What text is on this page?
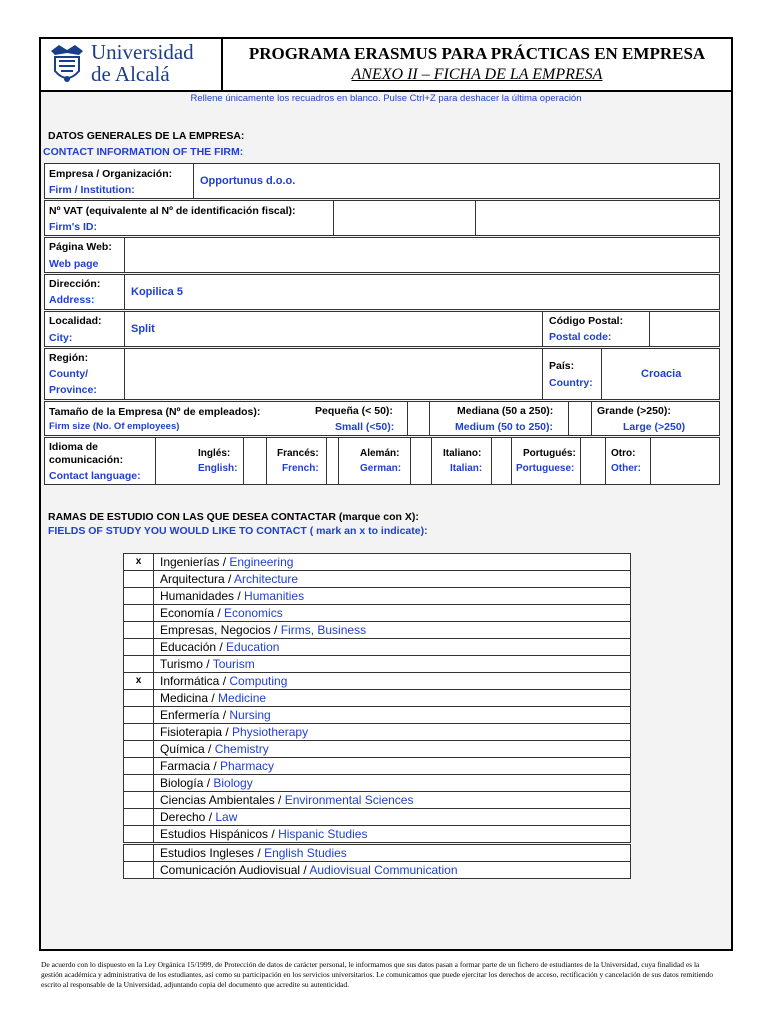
Universidad
de Alcalá
PROGRAMA ERASMUS PARA PRÁCTICAS EN EMPRESA
ANEXO II – FICHA DE LA EMPRESA
Rellene únicamente los recuadros en blanco. Pulse Ctrl+Z para deshacer la última operación
DATOS GENERALES DE LA EMPRESA:
CONTACT INFORMATION OF THE FIRM:
Empresa / Organización:
Firm / Institution:
Opportunus d.o.o.
Nº VAT (equivalente al Nº de identificación fiscal):
Firm's ID:
Página Web:
Web page
Dirección:
Address:
Kopilica 5
Localidad:
City:
Split
Código Postal:
Postal code:
Región:
County/
Province:
País:
Country:
Croacia
Tamaño de la Empresa (Nº de empleados):
Firm size (No. Of employees)
Pequeña (< 50):
Small (<50):
Mediana (50 a 250):
Medium (50 to 250):
Grande (>250):
Large (>250)
Idioma de
comunicación:
Contact language:
Inglés:
English:
Francés:
French:
Alemán:
German:
Italiano:
Italian:
Portugués:
Portuguese:
Otro:
Other:
RAMAS DE ESTUDIO CON LAS QUE DESEA CONTACTAR (marque con X):
FIELDS OF STUDY YOU WOULD LIKE TO CONTACT ( mark an x to indicate):
x	Ingenierías / Engineering
Arquitectura / Architecture
Humanidades / Humanities
Economía / Economics
Empresas, Negocios / Firms, Business
Educación / Education
Turismo / Tourism
x	Informática / Computing
Medicina / Medicine
Enfermería / Nursing
Fisioterapia / Physiotherapy
Química / Chemistry
Farmacia / Pharmacy
Biología / Biology
Ciencias Ambientales / Environmental Sciences
Derecho / Law
Estudios Hispánicos / Hispanic Studies
Estudios Ingleses / English Studies
Comunicación Audiovisual / Audiovisual Communication
De acuerdo con lo dispuesto en la Ley Orgánica 15/1999, de Protección de datos de carácter personal, le informamos que sus datos pasan a formar parte de un fichero de estudiantes de la Universidad, cuya finalidad es la gestión académica y administrativa de los estudiantes, así como su participación en los servicios universitarios. Le comunicamos que puede ejercitar los derechos de acceso, rectificación y cancelación de sus datos remitiendo escrito al responsable de la Universidad, adjuntando copia del documento que acredite su autenticidad.
